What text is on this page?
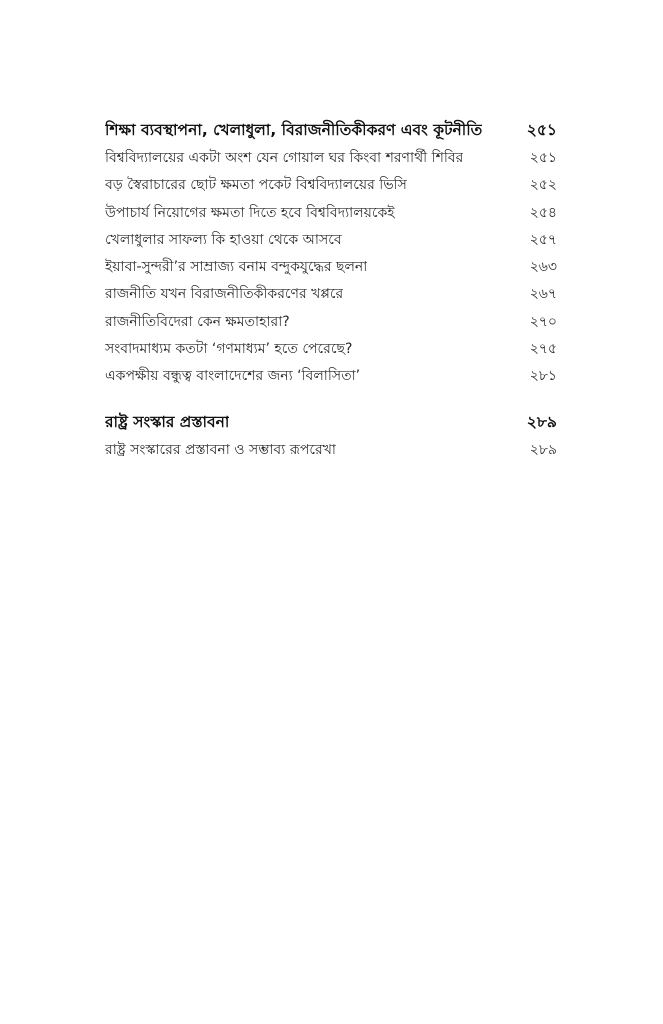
শিক্ষা ব্যবস্থাপনা, খেলাধুলা, বিরাজনীতিকীকরণ এবং কূটনীতি	২৫১
বিশ্ববিদ্যালয়ের একটা অংশ যেন গোয়াল ঘর কিংবা শরণার্থী শিবির	২৫১
বড় স্বৈরাচারের ছোট ক্ষমতা পকেট বিশ্ববিদ্যালয়ের ভিসি	২৫২
উপাচার্য নিয়োগের ক্ষমতা দিতে হবে বিশ্ববিদ্যালয়কেই	২৫৪
খেলাধুলার সাফল্য কি হাওয়া থেকে আসবে	২৫৭
ইয়াবা-সুন্দরী’র সাম্রাজ্য বনাম বন্দুকযুদ্ধের ছলনা	২৬৩
রাজনীতি যখন বিরাজনীতিকীকরণের খপ্পরে	২৬৭
রাজনীতিবিদেরা কেন ক্ষমতাহারা?	২৭০
সংবাদমাধ্যম কতটা ‘গণমাধ্যম’ হতে পেরেছে?	২৭৫
একপক্ষীয় বন্ধুত্ব বাংলাদেশের জন্য ‘বিলাসিতা’	২৮১
রাষ্ট্র সংস্কার প্রস্তাবনা	২৮৯
রাষ্ট্র সংস্কারের প্রস্তাবনা ও সম্ভাব্য রূপরেখা	২৮৯
